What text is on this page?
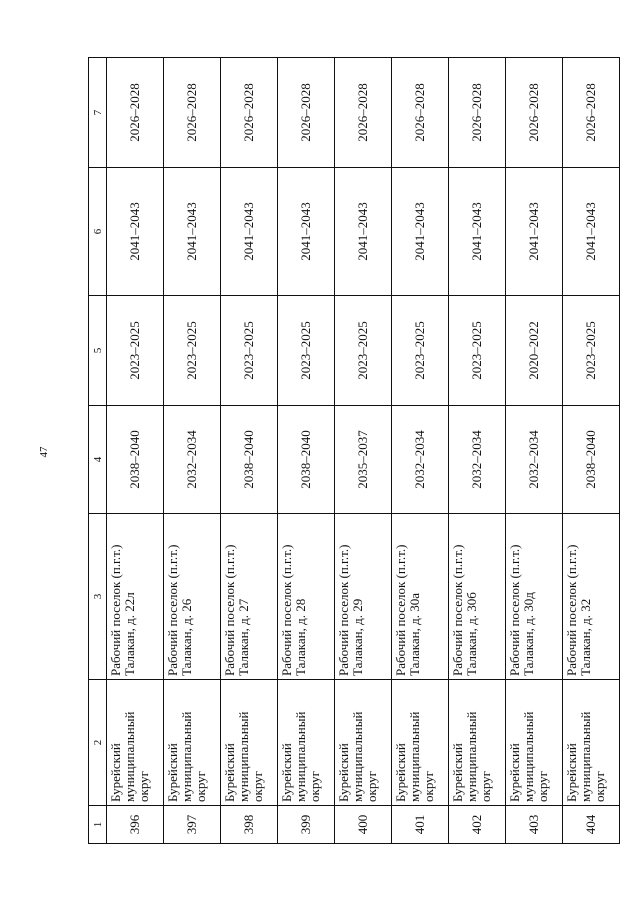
47
1	2	3	4	5	6	7
396	Бурейский муниципальный округ	Рабочий поселок (п.г.т.) Талакан, д. 22л	2038–2040	2023–2025	2041–2043	2026–2028
397	Бурейский муниципальный округ	Рабочий поселок (п.г.т.) Талакан, д. 26	2032–2034	2023–2025	2041–2043	2026–2028
398	Бурейский муниципальный округ	Рабочий поселок (п.г.т.) Талакан, д. 27	2038–2040	2023–2025	2041–2043	2026–2028
399	Бурейский муниципальный округ	Рабочий поселок (п.г.т.) Талакан, д. 28	2038–2040	2023–2025	2041–2043	2026–2028
400	Бурейский муниципальный округ	Рабочий поселок (п.г.т.) Талакан, д. 29	2035–2037	2023–2025	2041–2043	2026–2028
401	Бурейский муниципальный округ	Рабочий поселок (п.г.т.) Талакан, д. 30а	2032–2034	2023–2025	2041–2043	2026–2028
402	Бурейский муниципальный округ	Рабочий поселок (п.г.т.) Талакан, д. 30б	2032–2034	2023–2025	2041–2043	2026–2028
403	Бурейский муниципальный округ	Рабочий поселок (п.г.т.) Талакан, д. 30д	2032–2034	2020–2022	2041–2043	2026–2028
404	Бурейский муниципальный округ	Рабочий поселок (п.г.т.) Талакан, д. 32	2038–2040	2023–2025	2041–2043	2026–2028
